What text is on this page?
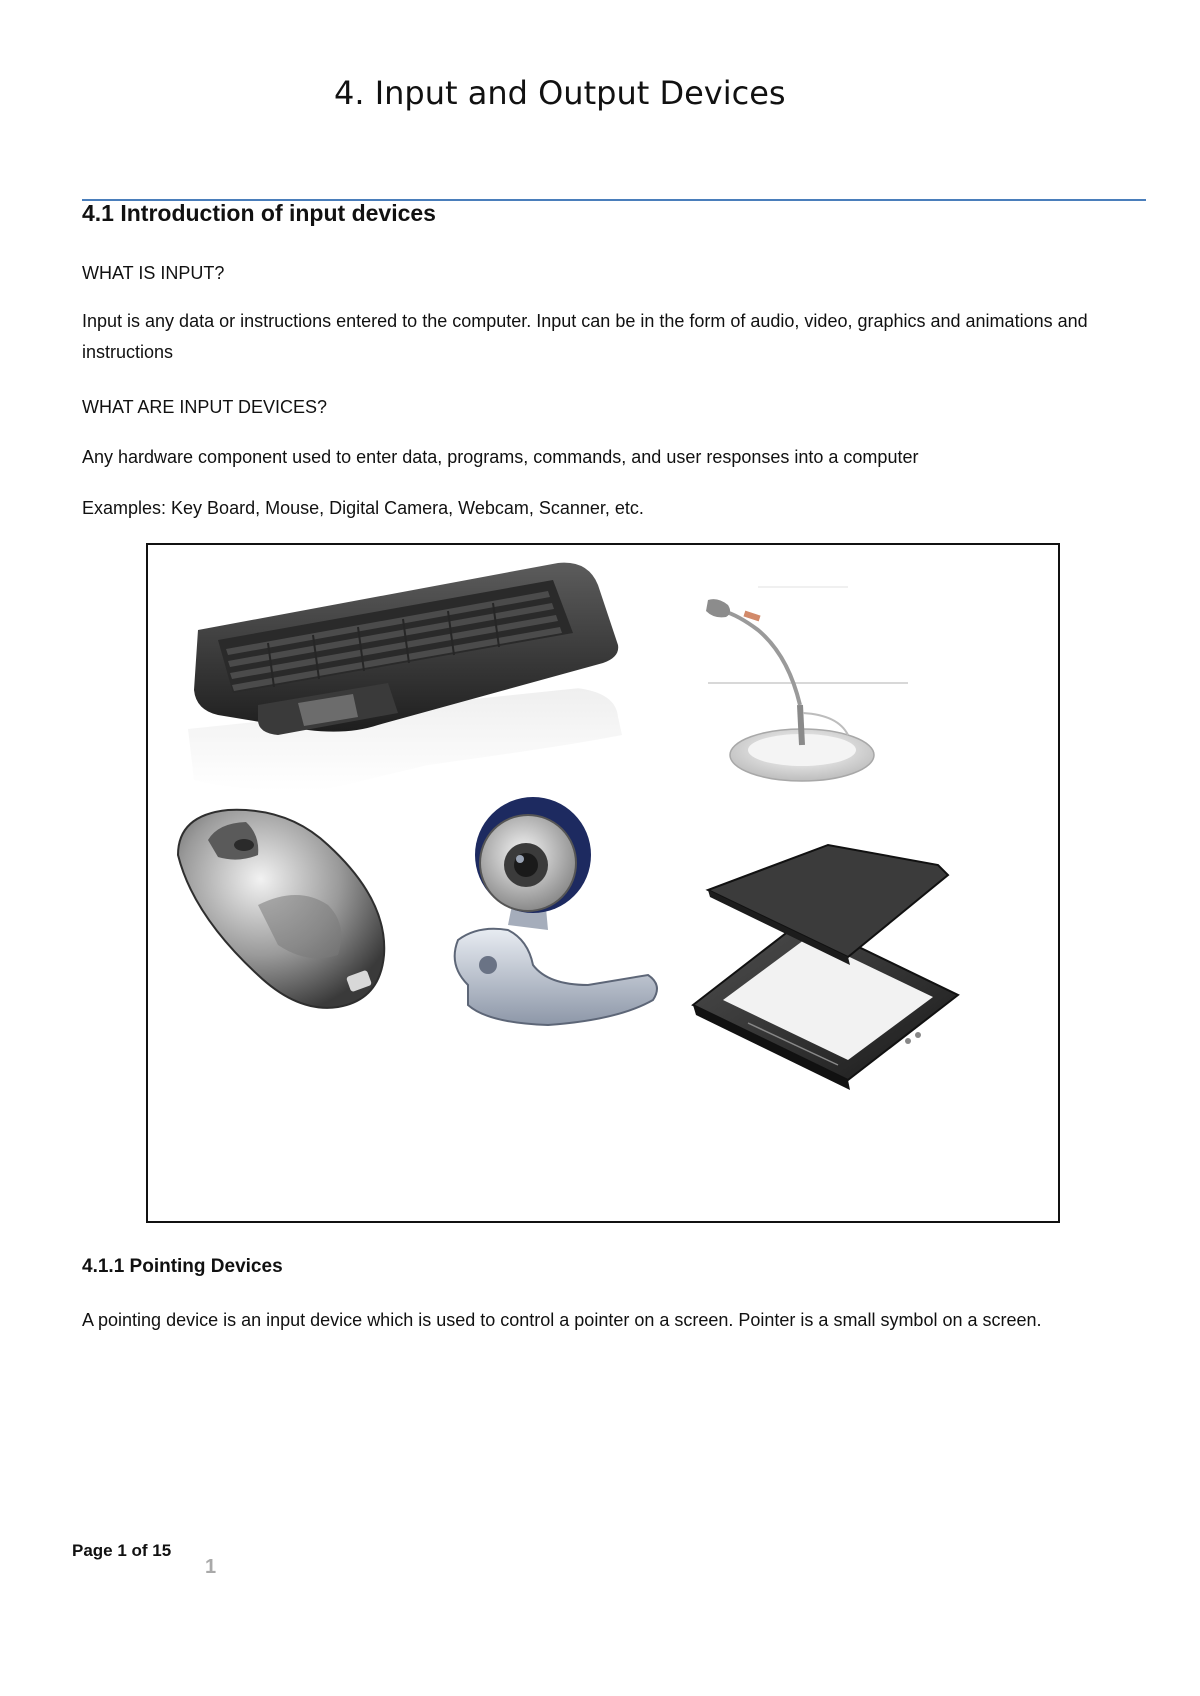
4. Input and Output Devices
4.1 Introduction of input devices

WHAT IS INPUT?

Input is any data or instructions entered to the computer. Input can be in the form of audio, video, graphics and animations and instructions

WHAT ARE INPUT DEVICES?

Any hardware component used to enter data, programs, commands, and user responses into a computer

Examples: Key Board, Mouse, Digital Camera, Webcam, Scanner, etc.

4.1.1 Pointing Devices

A pointing device is an input device which is used to control a pointer on a screen. Pointer is a small symbol on a screen.

Page 1 of 15
1
